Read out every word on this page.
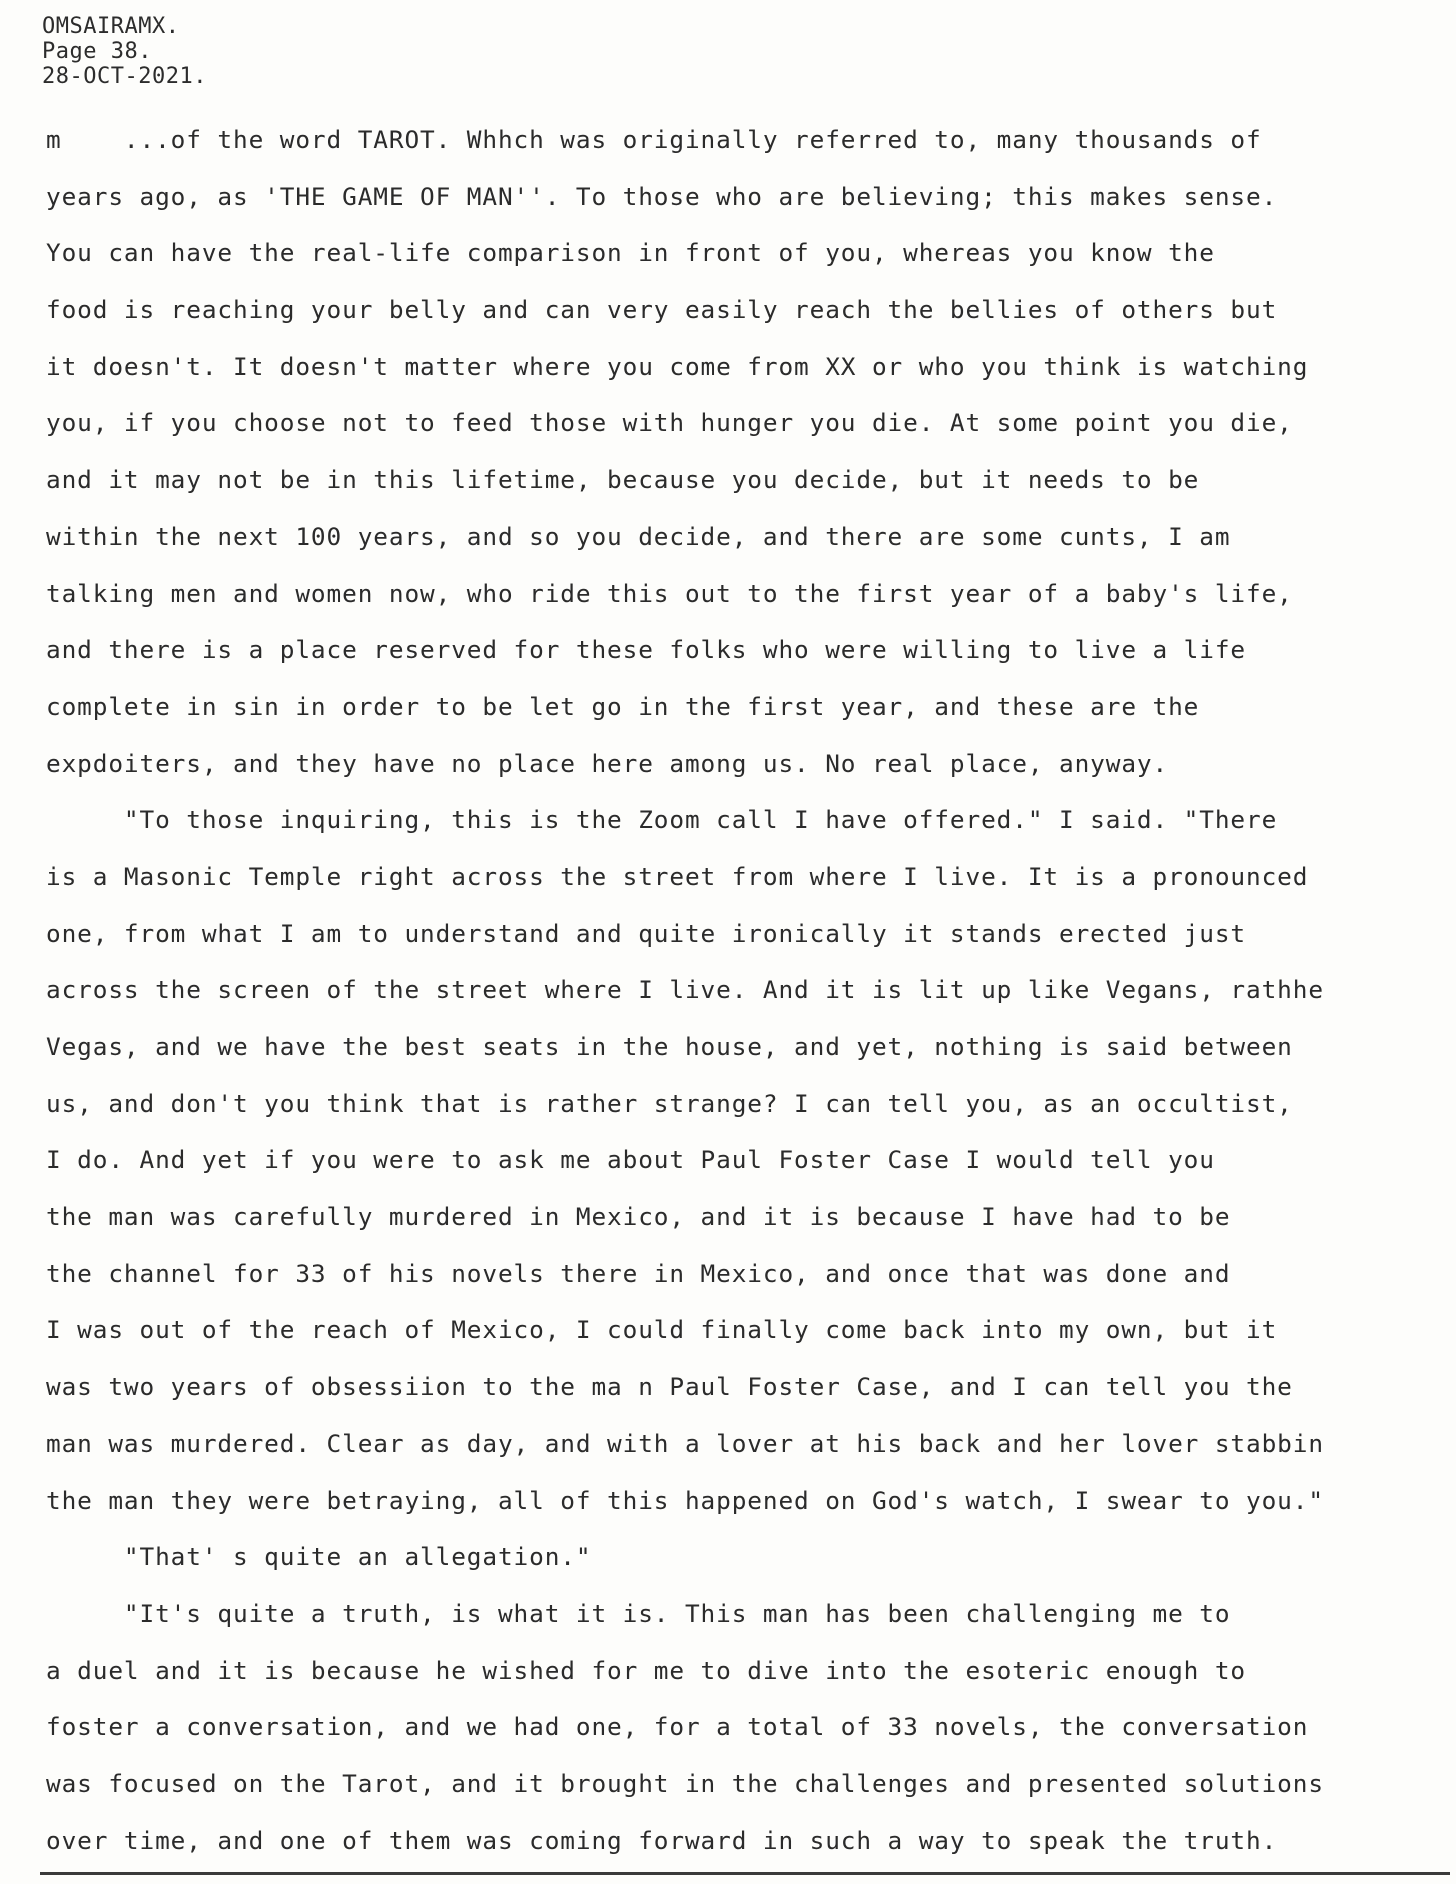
OMSAIRAMX.
Page 38.
28-OCT-2021.
m    ...of the word TAROT. Whhch was originally referred to, many thousands of
years ago, as 'THE GAME OF MAN''. To those who are believing; this makes sense.
You can have the real-life comparison in front of you, whereas you know the
food is reaching your belly and can very easily reach the bellies of others but
it doesn't. It doesn't matter where you come from XX or who you think is watching
you, if you choose not to feed those with hunger you die. At some point you die,
and it may not be in this lifetime, because you decide, but it needs to be
within the next 100 years, and so you decide, and there are some cunts, I am
talking men and women now, who ride this out to the first year of a baby's life,
and there is a place reserved for these folks who were willing to live a life
complete in sin in order to be let go in the first year, and these are the
expdoiters, and they have no place here among us. No real place, anyway.
"To those inquiring, this is the Zoom call I have offered." I said. "There
is a Masonic Temple right across the street from where I live. It is a pronounced
one, from what I am to understand and quite ironically it stands erected just
across the screen of the street where I live. And it is lit up like Vegans, rathhe
Vegas, and we have the best seats in the house, and yet, nothing is said between
us, and don't you think that is rather strange? I can tell you, as an occultist,
I do. And yet if you were to ask me about Paul Foster Case I would tell you
the man was carefully murdered in Mexico, and it is because I have had to be
the channel for 33 of his novels there in Mexico, and once that was done and
I was out of the reach of Mexico, I could finally come back into my own, but it
was two years of obsessiion to the ma n Paul Foster Case, and I can tell you the
man was murdered. Clear as day, and with a lover at his back and her lover stabbin
the man they were betraying, all of this happened on God's watch, I swear to you."
"That' s quite an allegation."
"It's quite a truth, is what it is. This man has been challenging me to
a duel and it is because he wished for me to dive into the esoteric enough to
foster a conversation, and we had one, for a total of 33 novels, the conversation
was focused on the Tarot, and it brought in the challenges and presented solutions
over time, and one of them was coming forward in such a way to speak the truth.
